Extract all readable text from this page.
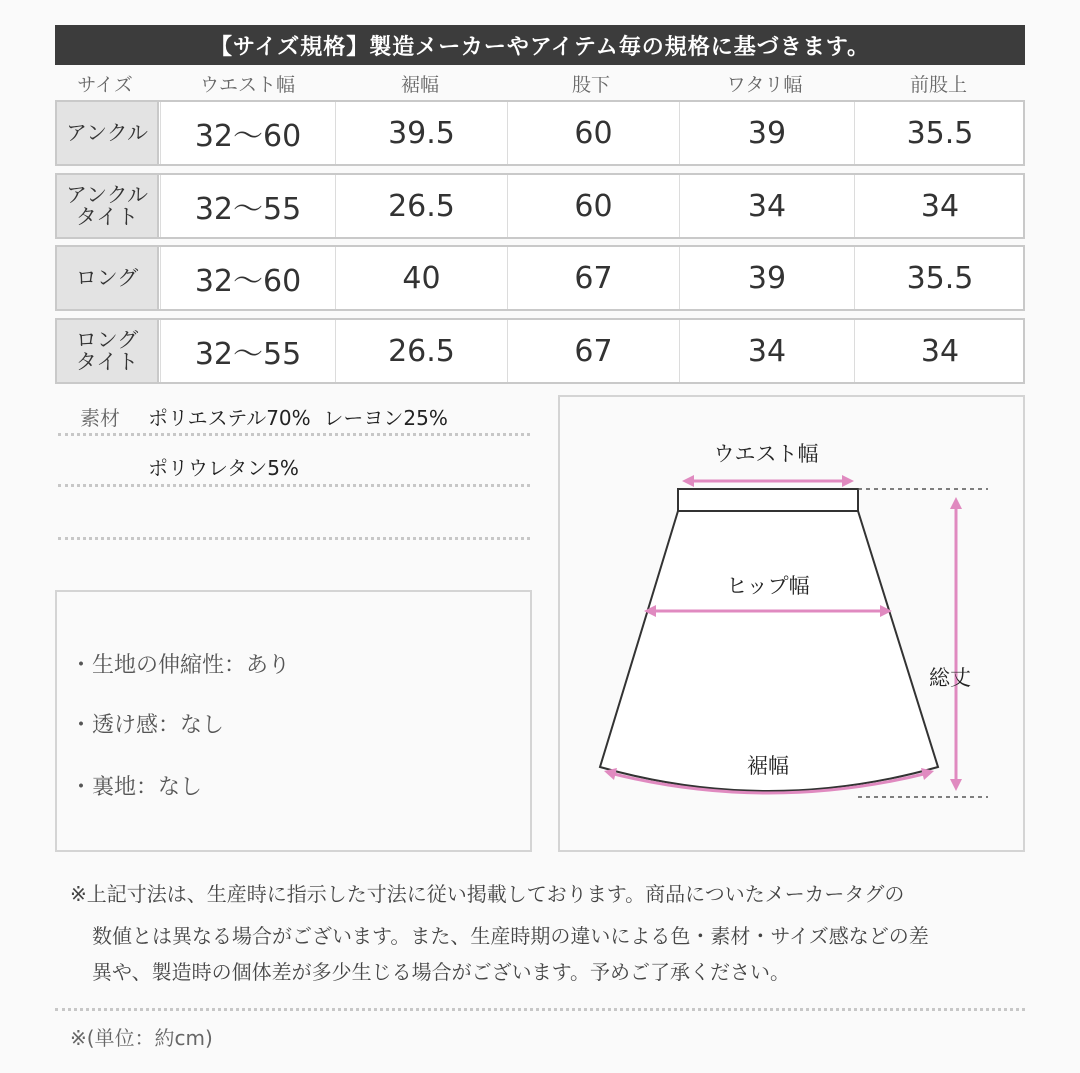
【サイズ規格】製造メーカーやアイテム毎の規格に基づきます。
サイズ	ウエスト幅	裾幅	股下	ワタリ幅	前股上
アンクル	32〜60	39.5	60	39	35.5
アンクル
タイト	32〜55	26.5	60	34	34
ロング	32〜60	40	67	39	35.5
ロング
タイト	32〜55	26.5	67	34	34
素材 ポリエステル70%  レーヨン25%
ポリウレタン5%
・生地の伸縮性：あり
・透け感：なし
・裏地：なし
ウエスト幅
ヒップ幅
裾幅
総丈
※上記寸法は、生産時に指示した寸法に従い掲載しております。商品についたメーカータグの
数値とは異なる場合がございます。また、生産時期の違いによる色・素材・サイズ感などの差
異や、製造時の個体差が多少生じる場合がございます。予めご了承ください。
※(単位：約cm)
